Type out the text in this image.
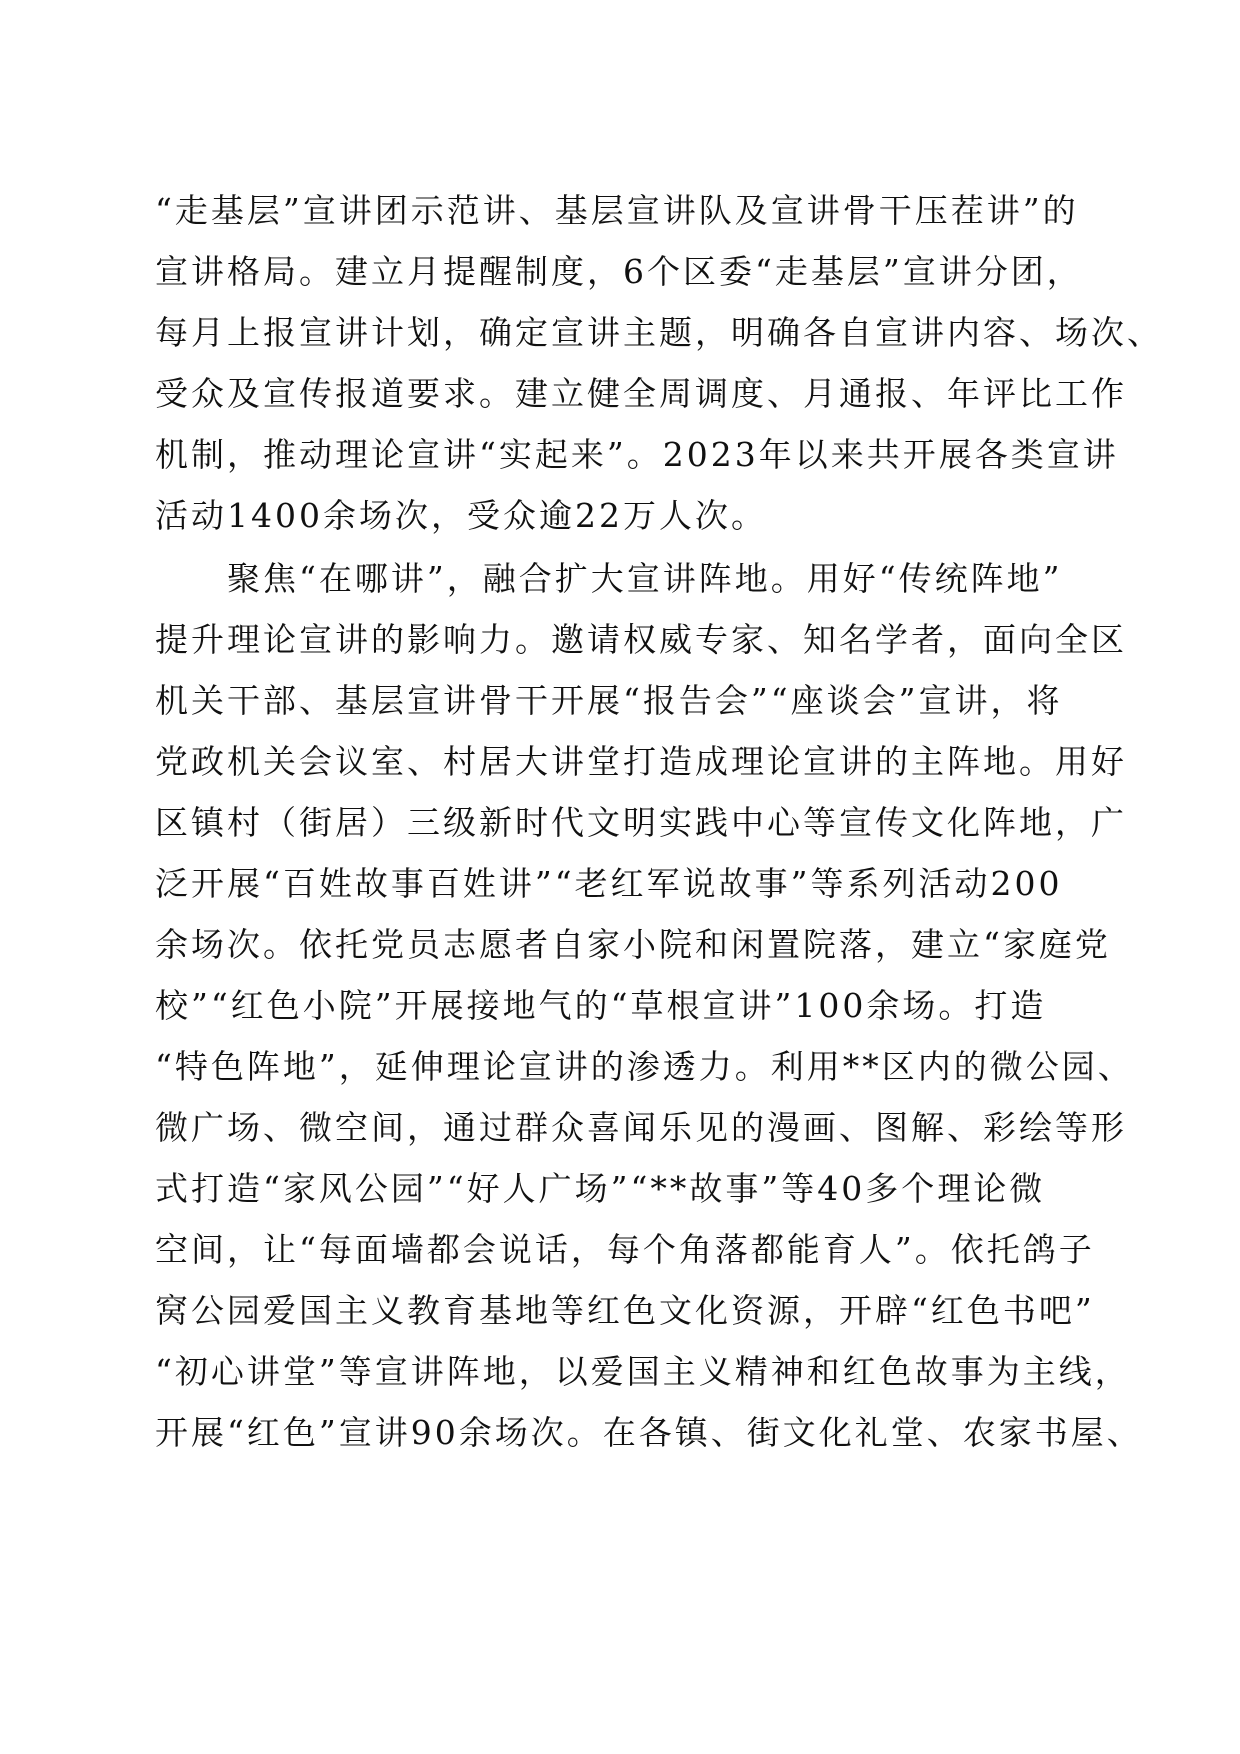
“走基层”宣讲团示范讲、基层宣讲队及宣讲骨干压茬讲”的
宣讲格局。建立月提醒制度，6个区委“走基层”宣讲分团，
每月上报宣讲计划，确定宣讲主题，明确各自宣讲内容、场次、
受众及宣传报道要求。建立健全周调度、月通报、年评比工作
机制，推动理论宣讲“实起来”。2023年以来共开展各类宣讲
活动1400余场次，受众逾22万人次。
　　聚焦“在哪讲”，融合扩大宣讲阵地。用好“传统阵地”
提升理论宣讲的影响力。邀请权威专家、知名学者，面向全区
机关干部、基层宣讲骨干开展“报告会”“座谈会”宣讲，将
党政机关会议室、村居大讲堂打造成理论宣讲的主阵地。用好
区镇村（街居）三级新时代文明实践中心等宣传文化阵地，广
泛开展“百姓故事百姓讲”“老红军说故事”等系列活动200
余场次。依托党员志愿者自家小院和闲置院落，建立“家庭党
校”“红色小院”开展接地气的“草根宣讲”100余场。打造
“特色阵地”，延伸理论宣讲的渗透力。利用**区内的微公园、
微广场、微空间，通过群众喜闻乐见的漫画、图解、彩绘等形
式打造“家风公园”“好人广场”“**故事”等40多个理论微
空间，让“每面墙都会说话，每个角落都能育人”。依托鸽子
窝公园爱国主义教育基地等红色文化资源，开辟“红色书吧”
“初心讲堂”等宣讲阵地，以爱国主义精神和红色故事为主线，
开展“红色”宣讲90余场次。在各镇、街文化礼堂、农家书屋、
